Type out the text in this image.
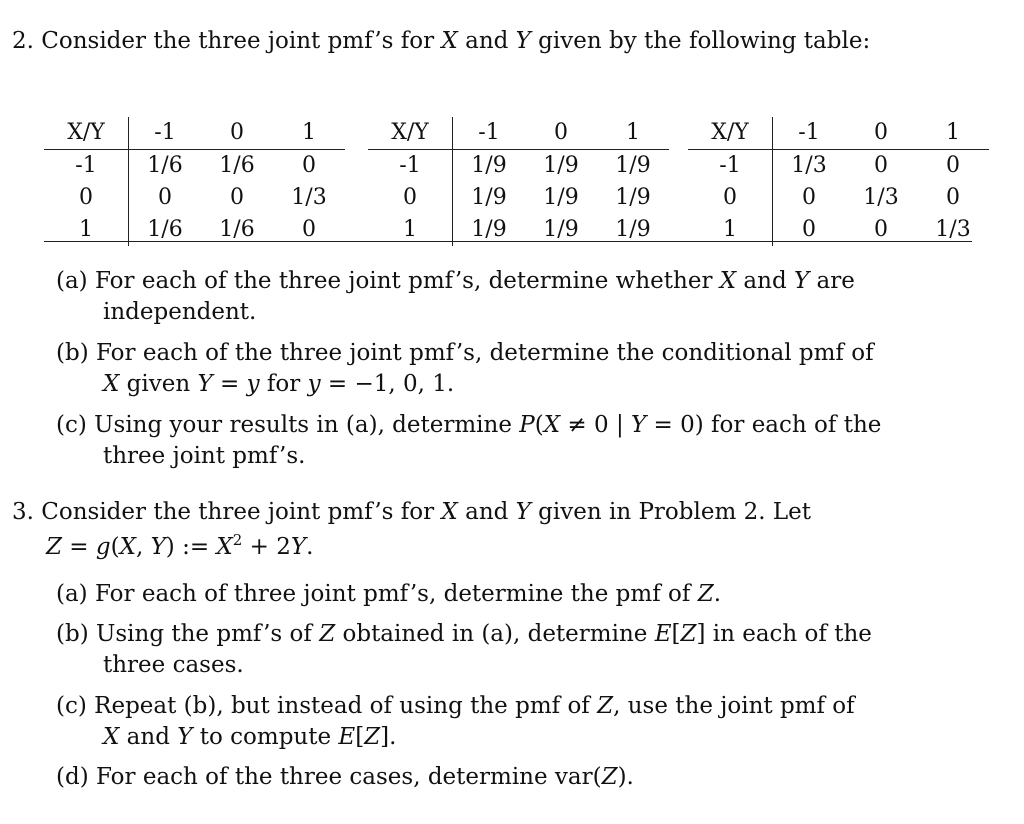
2. Consider the three joint pmf’s for X and Y given by the following table:
X/Y	-1	0	1
-1	1/6	1/6	0
0	0	0	1/3
1	1/6	1/6	0
X/Y	-1	0	1
-1	1/9	1/9	1/9
0	1/9	1/9	1/9
1	1/9	1/9	1/9
X/Y	-1	0	1
-1	1/3	0	0
0	0	1/3	0
1	0	0	1/3
(a) For each of the three joint pmf’s, determine whether X and Y are
independent.
(b) For each of the three joint pmf’s, determine the conditional pmf of
X given Y = y for y = −1, 0, 1.
(c) Using your results in (a), determine P(X ≠ 0 | Y = 0) for each of the
three joint pmf’s.
3. Consider the three joint pmf’s for X and Y given in Problem 2. Let
Z = g(X, Y) := $X^2 + 2Y$.
(a) For each of three joint pmf’s, determine the pmf of Z.
(b) Using the pmf’s of Z obtained in (a), determine E[Z] in each of the
three cases.
(c) Repeat (b), but instead of using the pmf of Z, use the joint pmf of
X and Y to compute E[Z].
(d) For each of the three cases, determine var(Z).
